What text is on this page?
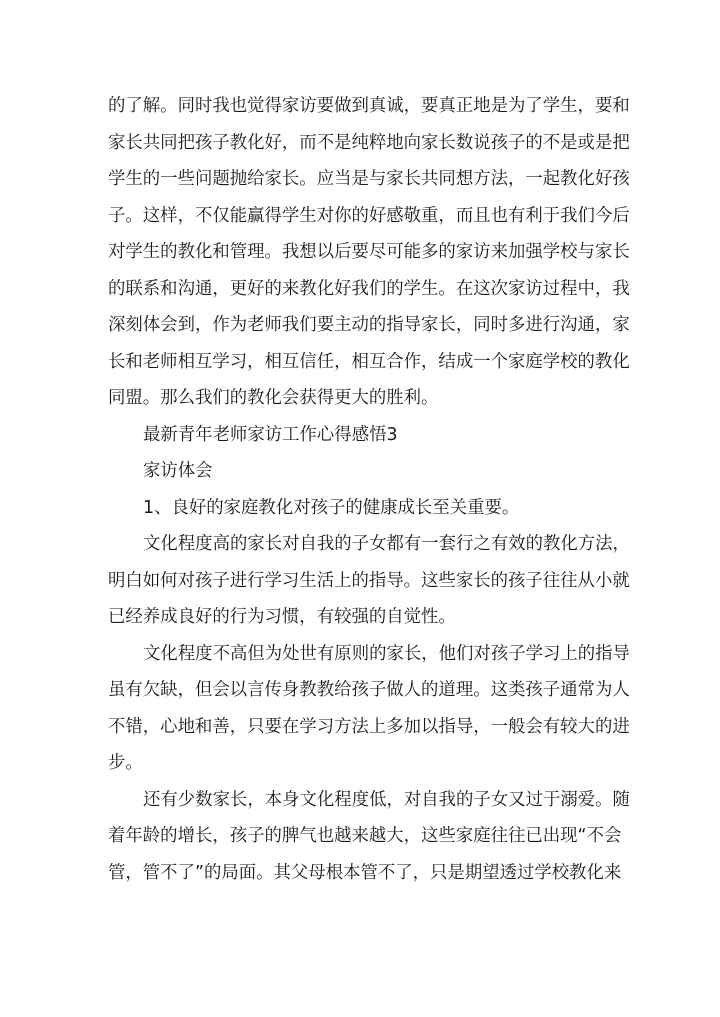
的了解。同时我也觉得家访要做到真诚，要真正地是为了学生，要和
家长共同把孩子教化好，而不是纯粹地向家长数说孩子的不是或是把
学生的一些问题抛给家长。应当是与家长共同想方法，一起教化好孩
子。这样，不仅能赢得学生对你的好感敬重，而且也有利于我们今后
对学生的教化和管理。我想以后要尽可能多的家访来加强学校与家长
的联系和沟通，更好的来教化好我们的学生。在这次家访过程中，我
深刻体会到，作为老师我们要主动的指导家长，同时多进行沟通，家
长和老师相互学习，相互信任，相互合作，结成一个家庭学校的教化
同盟。那么我们的教化会获得更大的胜利。
最新青年老师家访工作心得感悟3
家访体会
1、良好的家庭教化对孩子的健康成长至关重要。
文化程度高的家长对自我的子女都有一套行之有效的教化方法，
明白如何对孩子进行学习生活上的指导。这些家长的孩子往往从小就
已经养成良好的行为习惯，有较强的自觉性。
文化程度不高但为处世有原则的家长，他们对孩子学习上的指导
虽有欠缺，但会以言传身教教给孩子做人的道理。这类孩子通常为人
不错，心地和善，只要在学习方法上多加以指导，一般会有较大的进
步。
还有少数家长，本身文化程度低，对自我的子女又过于溺爱。随
着年龄的增长，孩子的脾气也越来越大，这些家庭往往已出现“不会
管，管不了”的局面。其父母根本管不了，只是期望透过学校教化来
